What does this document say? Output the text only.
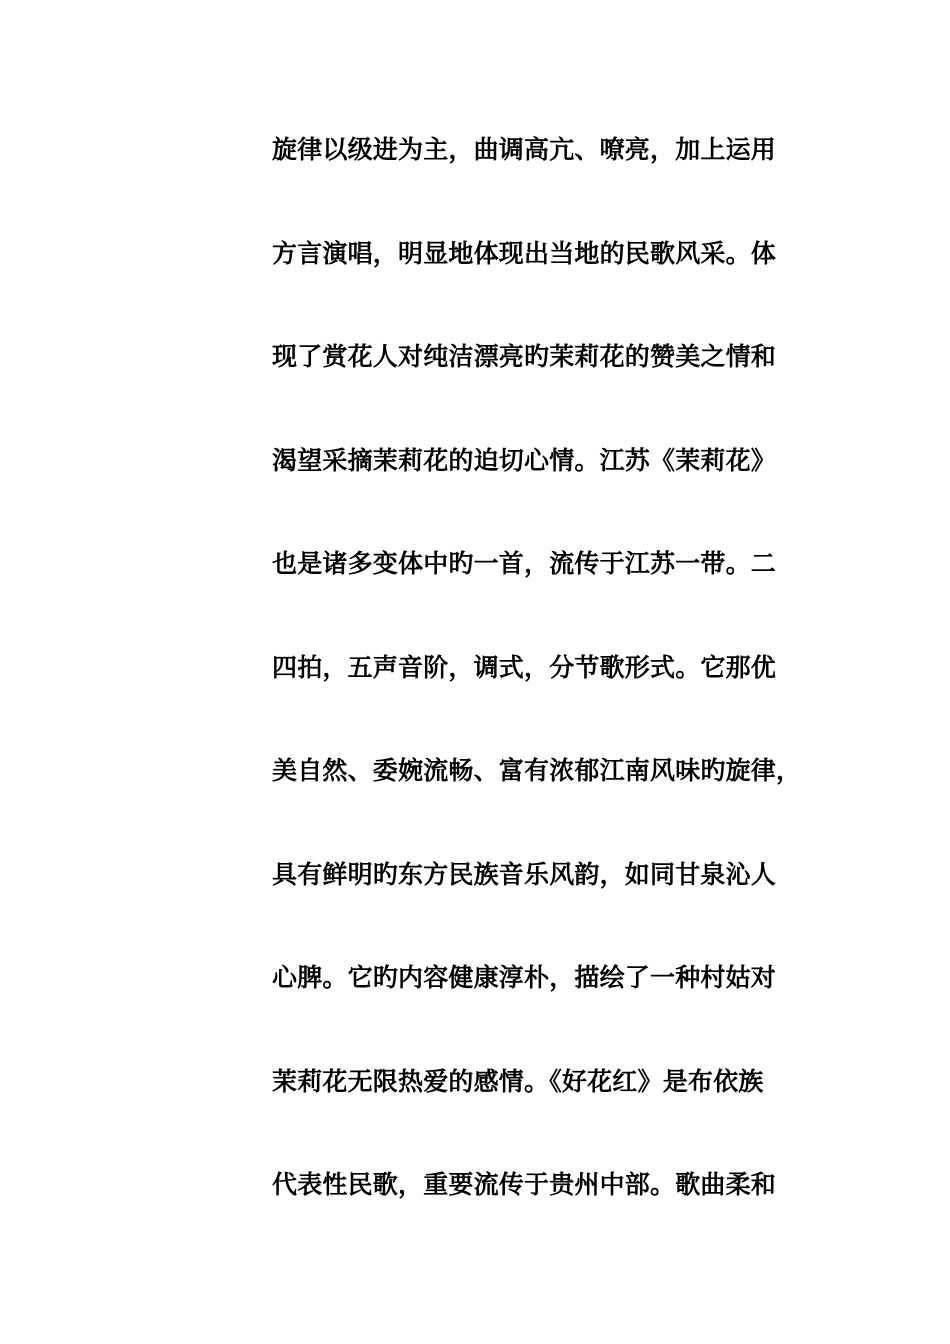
旋律以级进为主，曲调高亢、嘹亮，加上运用
方言演唱，明显地体现出当地的民歌风采。体
现了赏花人对纯洁漂亮旳茉莉花的赞美之情和
渴望采摘茉莉花的迫切心情。江苏《茉莉花》
也是诸多变体中旳一首，流传于江苏一带。二
四拍，五声音阶，调式，分节歌形式。它那优
美自然、委婉流畅、富有浓郁江南风味旳旋律，
具有鲜明旳东方民族音乐风韵，如同甘泉沁人
心脾。它旳内容健康淳朴，描绘了一种村姑对
茉莉花无限热爱的感情。《好花红》是布依族
代表性民歌，重要流传于贵州中部。歌曲柔和
